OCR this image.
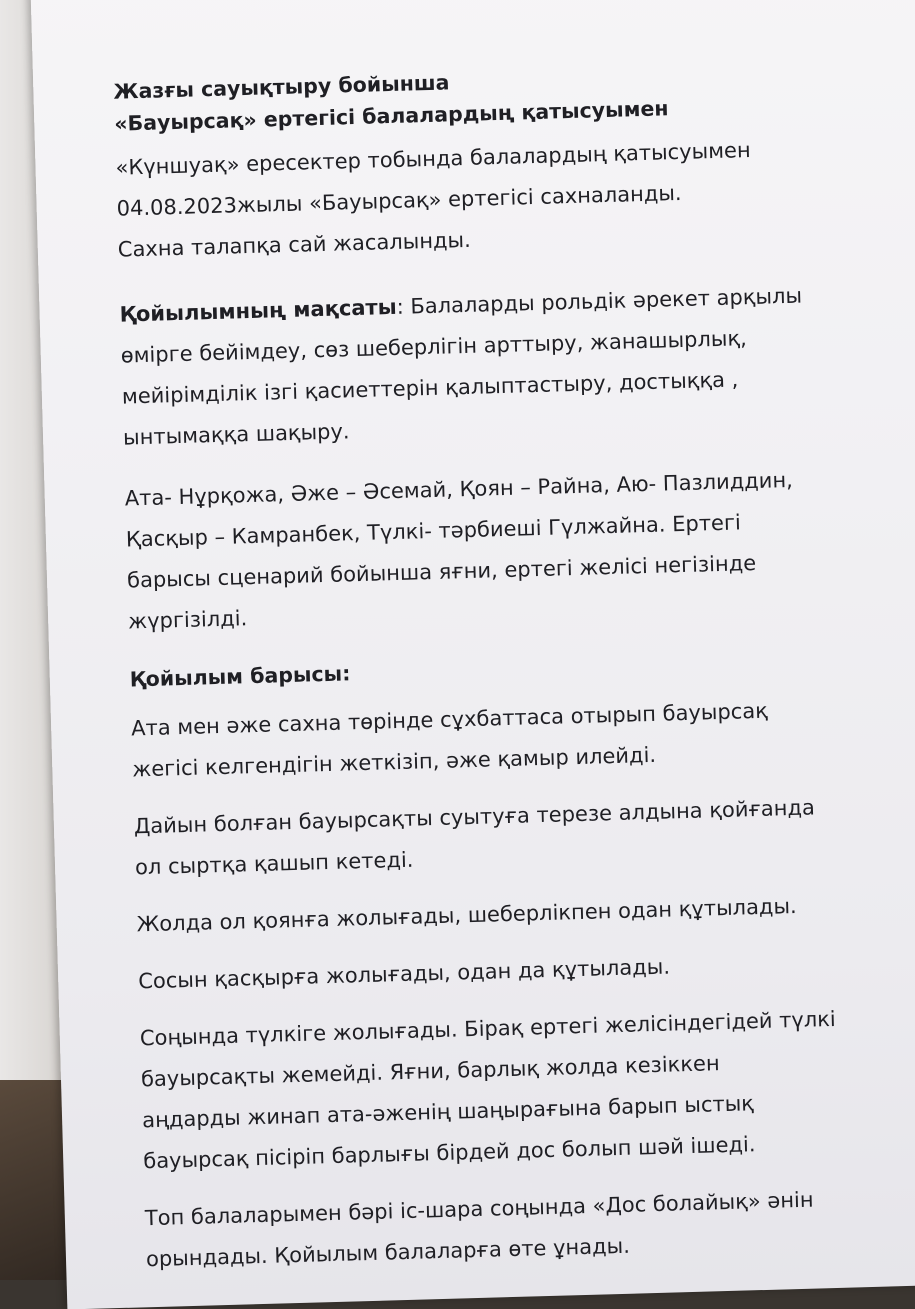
Жазғы сауықтыру бойынша

«Бауырсақ» ертегісі балалардың қатысуымен

«Күншуақ» ересектер тобында балалардың қатысуымен
04.08.2023жылы «Бауырсақ» ертегісі сахналанды.
Сахна талапқа сай жасалынды.
Қойылымның мақсаты: Балаларды рольдік әрекет арқылы
өмірге бейімдеу, сөз шеберлігін арттыру, жанашырлық,
мейірімділік ізгі қасиеттерін қалыптастыру, достыққа ,
ынтымаққа шақыру.
Ата- Нұрқожа, Әже – Әсемай, Қоян – Райна, Аю- Пазлиддин,
Қасқыр – Камранбек, Түлкі- тәрбиеші Гүлжайна. Ертегі
барысы сценарий бойынша яғни, ертегі желісі негізінде
жүргізілді.
Қойылым барысы:
Ата мен әже сахна төрінде сұхбаттаса отырып бауырсақ
жегісі келгендігін жеткізіп, әже қамыр илейді.
Дайын болған бауырсақты суытуға терезе алдына қойғанда
ол сыртқа қашып кетеді.
Жолда ол қоянға жолығады, шеберлікпен одан құтылады.
Сосын қасқырға жолығады, одан да құтылады.
Соңында түлкіге жолығады. Бірақ ертегі желісіндегідей түлкі
бауырсақты жемейді. Яғни, барлық жолда кезіккен
аңдарды жинап ата-әженің шаңырағына барып ыстық
бауырсақ пісіріп барлығы бірдей дос болып шәй ішеді.
Топ балаларымен бәрі іс-шара соңында «Дос болайық» әнін
орындады. Қойылым балаларға өте ұнады.
